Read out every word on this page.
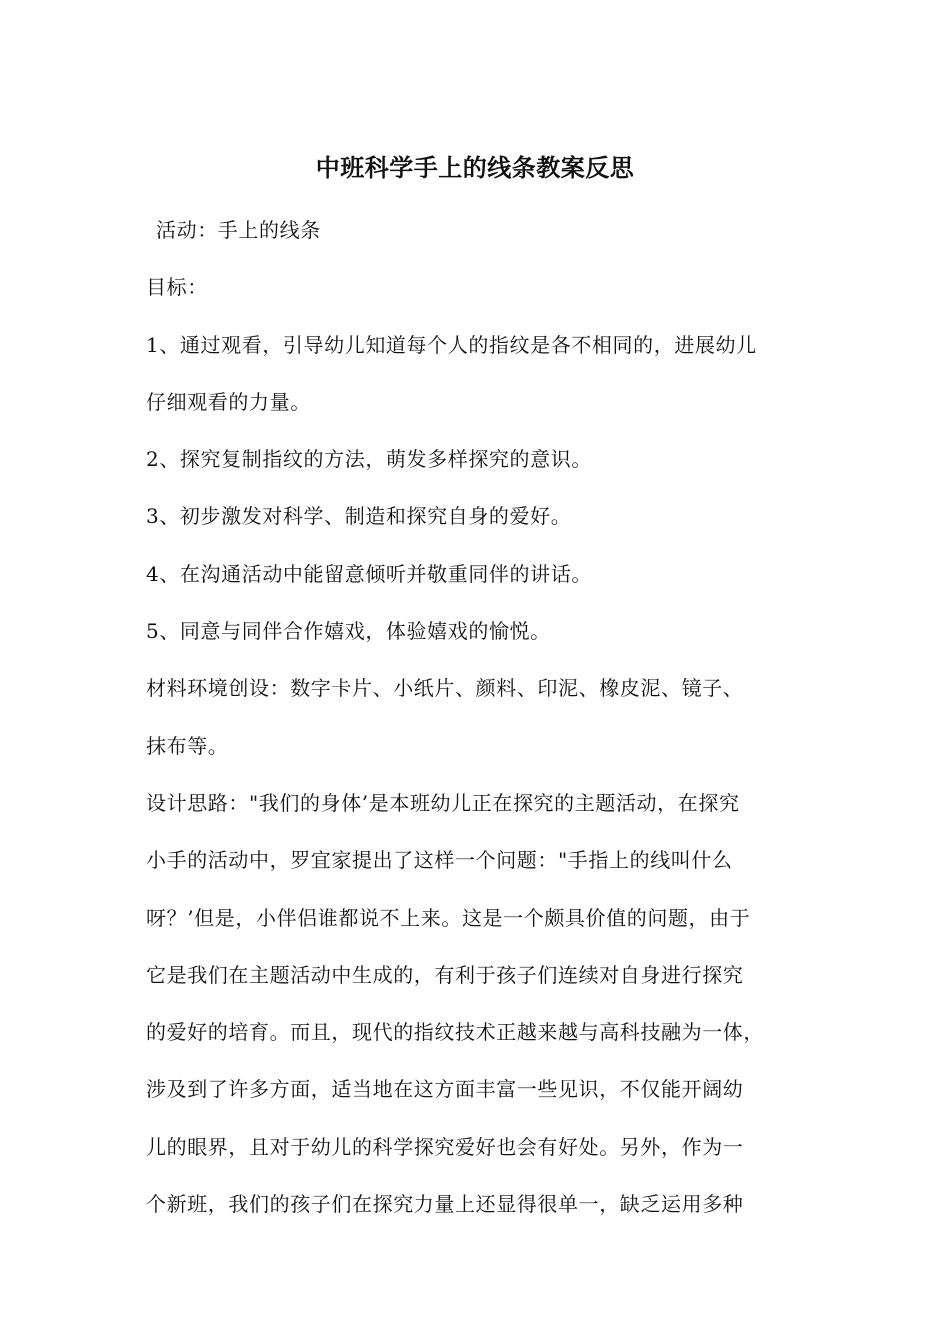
中班科学手上的线条教案反思

活动：手上的线条

目标：

1、通过观看，引导幼儿知道每个人的指纹是各不相同的，进展幼儿

仔细观看的力量。

2、探究复制指纹的方法，萌发多样探究的意识。

3、初步激发对科学、制造和探究自身的爱好。

4、在沟通活动中能留意倾听并敬重同伴的讲话。

5、同意与同伴合作嬉戏，体验嬉戏的愉悦。

材料环境创设：数字卡片、小纸片、颜料、印泥、橡皮泥、镜子、

抹布等。

设计思路："我们的身体’是本班幼儿正在探究的主题活动，在探究

小手的活动中，罗宜家提出了这样一个问题："手指上的线叫什么

呀？’但是，小伴侣谁都说不上来。这是一个颇具价值的问题，由于

它是我们在主题活动中生成的，有利于孩子们连续对自身进行探究

的爱好的培育。而且，现代的指纹技术正越来越与高科技融为一体，

涉及到了许多方面，适当地在这方面丰富一些见识，不仅能开阔幼

儿的眼界，且对于幼儿的科学探究爱好也会有好处。另外，作为一

个新班，我们的孩子们在探究力量上还显得很单一，缺乏运用多种
